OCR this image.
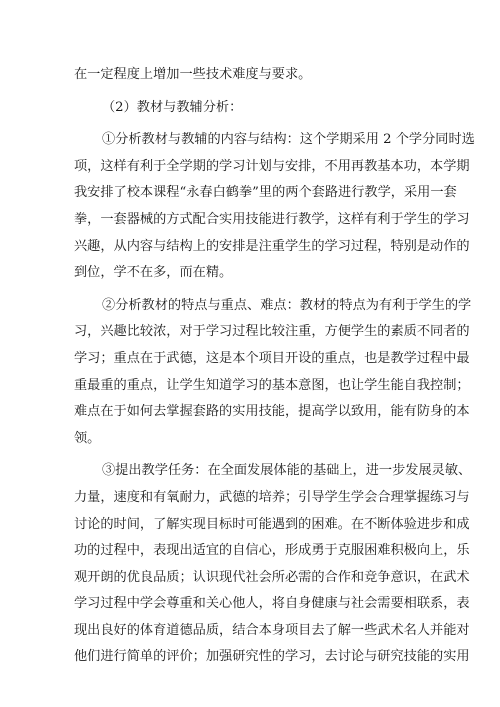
在一定程度上增加一些技术难度与要求。
（2）教材与教辅分析：
①分析教材与教辅的内容与结构：这个学期采用 2 个学分同时选
项，这样有利于全学期的学习计划与安排，不用再教基本功，本学期
我安排了校本课程“永春白鹤拳”里的两个套路进行教学，采用一套
拳，一套器械的方式配合实用技能进行教学，这样有利于学生的学习
兴趣，从内容与结构上的安排是注重学生的学习过程，特别是动作的
到位，学不在多，而在精。
②分析教材的特点与重点、难点：教材的特点为有利于学生的学
习，兴趣比较浓，对于学习过程比较注重，方便学生的素质不同者的
学习；重点在于武德，这是本个项目开设的重点，也是教学过程中最
重最重的重点，让学生知道学习的基本意图，也让学生能自我控制；
难点在于如何去掌握套路的实用技能，提高学以致用，能有防身的本
领。
③提出教学任务：在全面发展体能的基础上，进一步发展灵敏、
力量，速度和有氧耐力，武德的培养；引导学生学会合理掌握练习与
讨论的时间，了解实现目标时可能遇到的困难。在不断体验进步和成
功的过程中，表现出适宜的自信心，形成勇于克服困难积极向上，乐
观开朗的优良品质；认识现代社会所必需的合作和竞争意识，在武术
学习过程中学会尊重和关心他人，将自身健康与社会需要相联系，表
现出良好的体育道德品质，结合本身项目去了解一些武术名人并能对
他们进行简单的评价；加强研究性的学习，去讨论与研究技能的实用
